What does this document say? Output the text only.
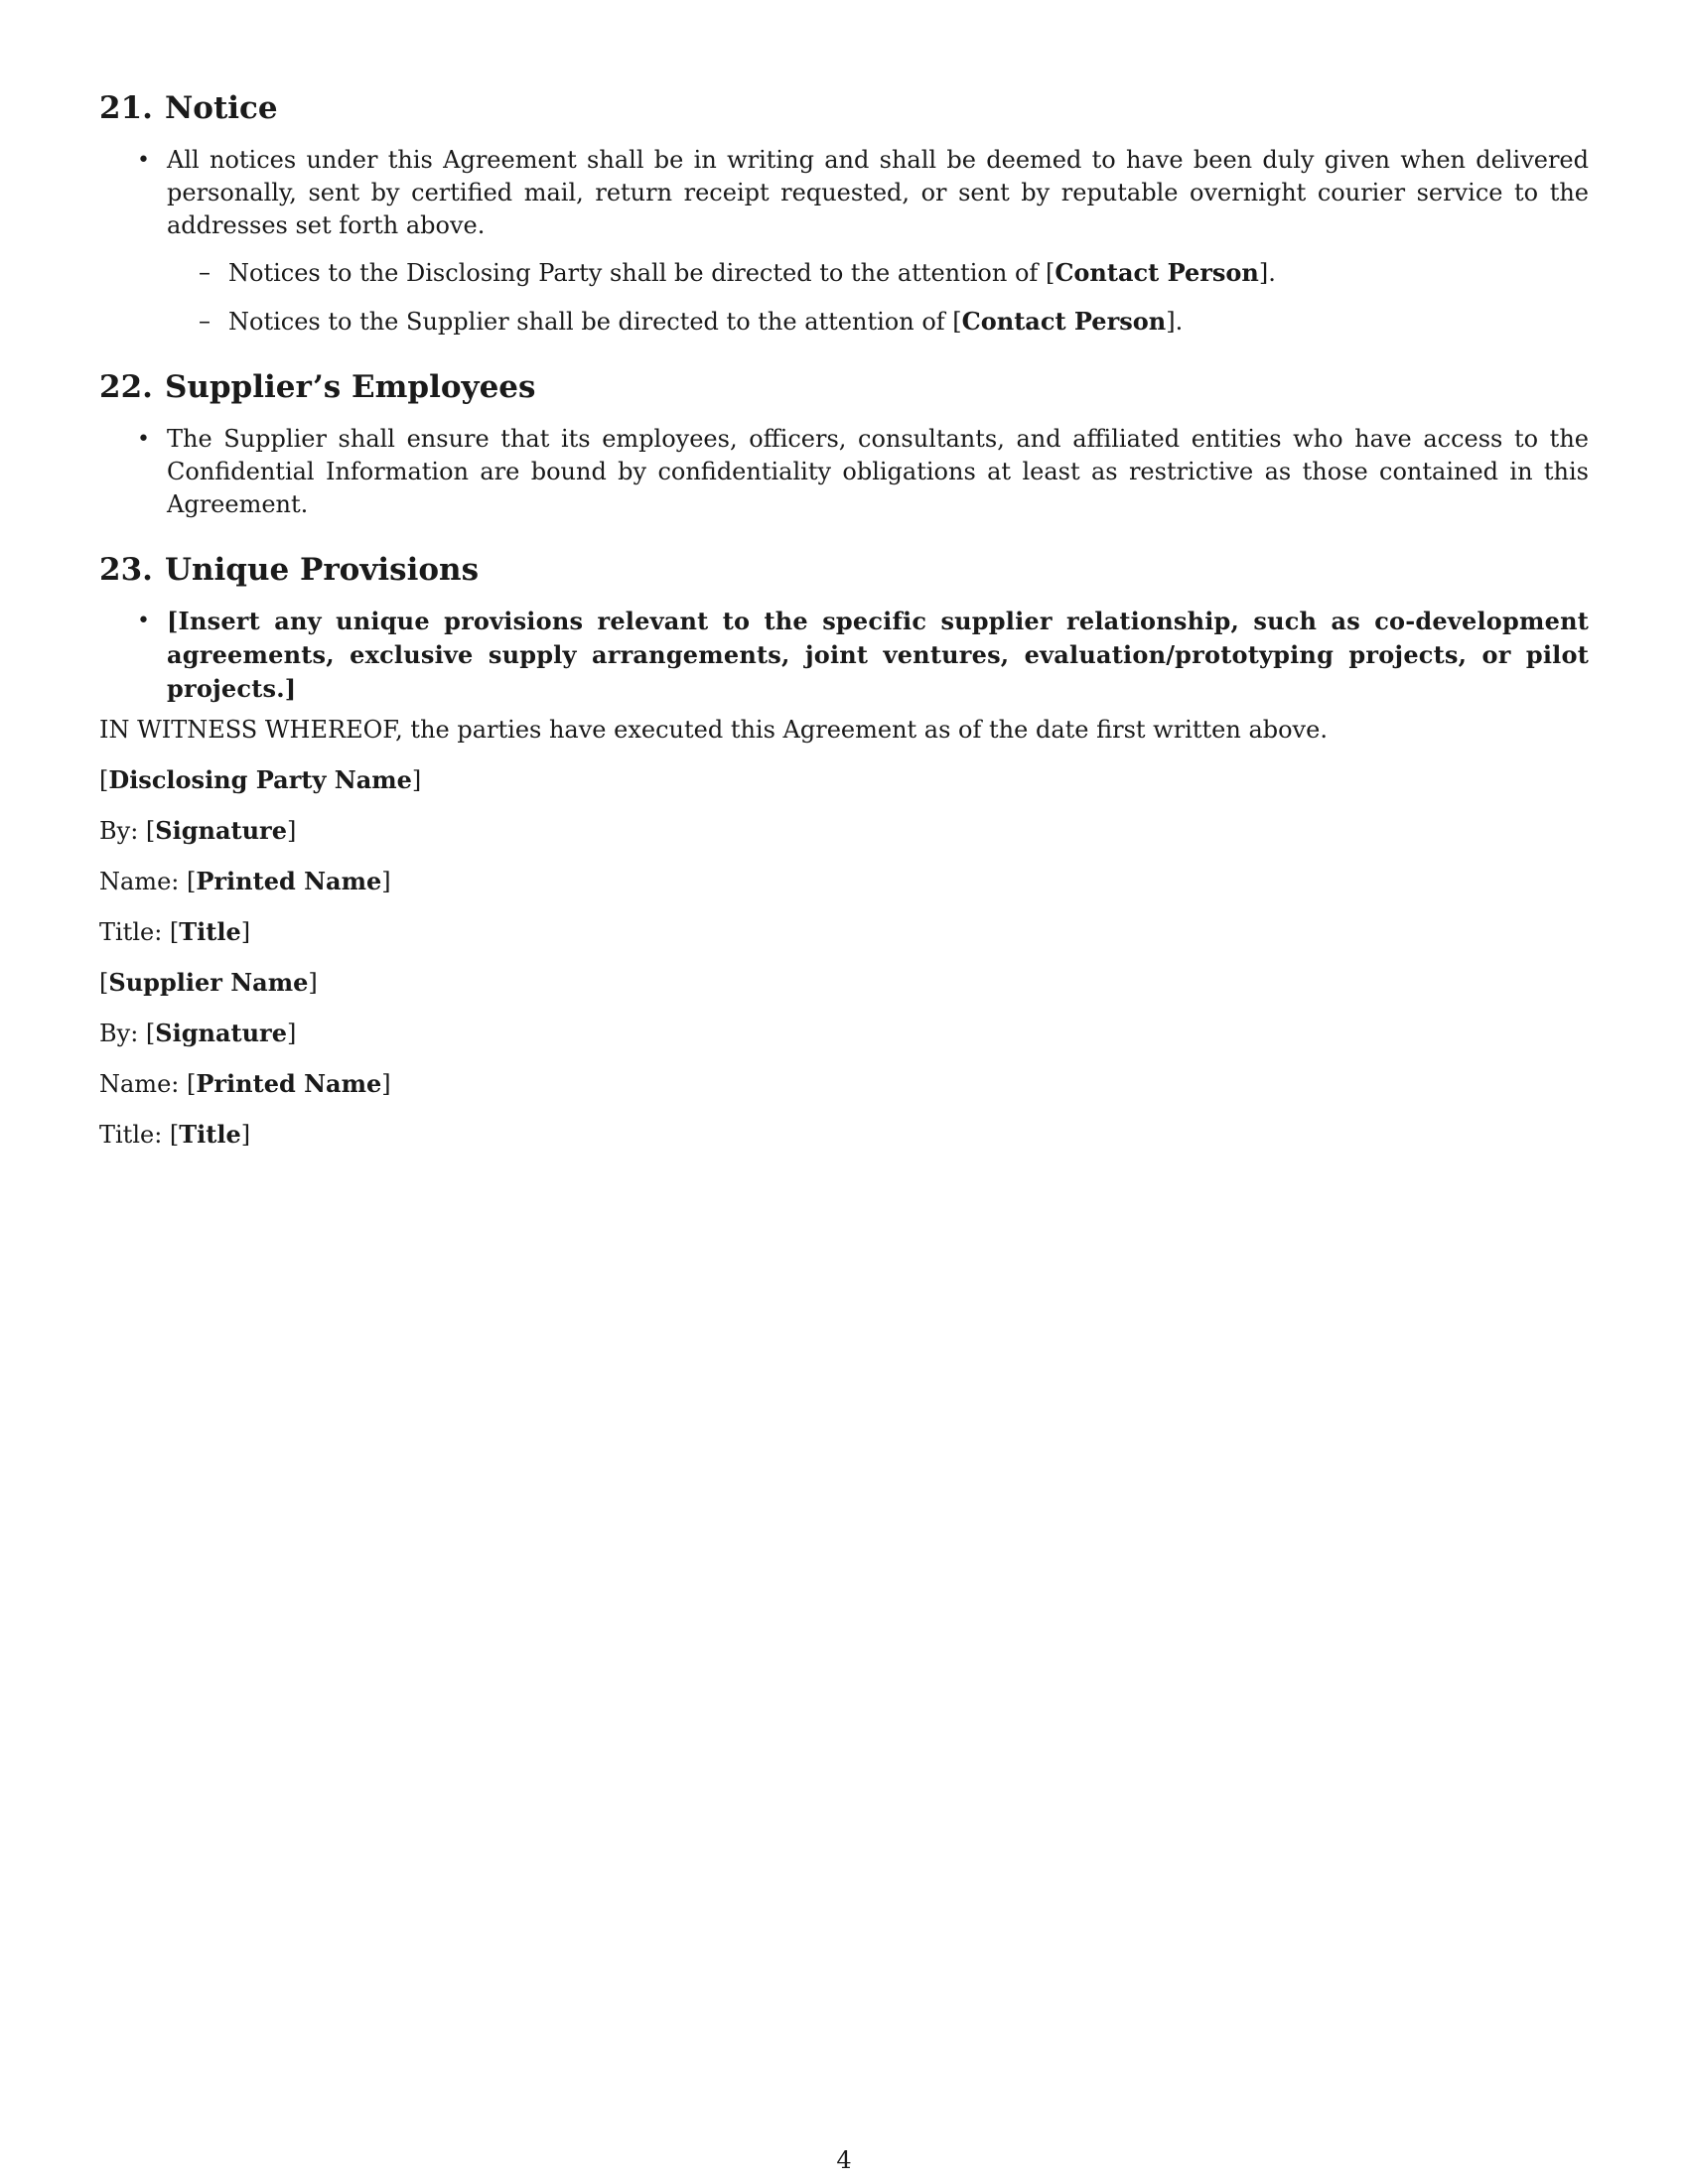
21. Notice
• All notices under this Agreement shall be in writing and shall be deemed to have been duly given when delivered personally, sent by certified mail, return receipt requested, or sent by reputable overnight courier service to the addresses set forth above.
– Notices to the Disclosing Party shall be directed to the attention of [Contact Person].
– Notices to the Supplier shall be directed to the attention of [Contact Person].
22. Supplier’s Employees
• The Supplier shall ensure that its employees, officers, consultants, and affiliated entities who have access to the Confidential Information are bound by confidentiality obligations at least as restrictive as those contained in this Agreement.
23. Unique Provisions
• [Insert any unique provisions relevant to the specific supplier relationship, such as co-development agreements, exclusive supply arrangements, joint ventures, evaluation/prototyping projects, or pilot projects.]

IN WITNESS WHEREOF, the parties have executed this Agreement as of the date first written above.

[Disclosing Party Name]

By: [Signature]

Name: [Printed Name]

Title: [Title]

[Supplier Name]

By: [Signature]

Name: [Printed Name]

Title: [Title]

4
